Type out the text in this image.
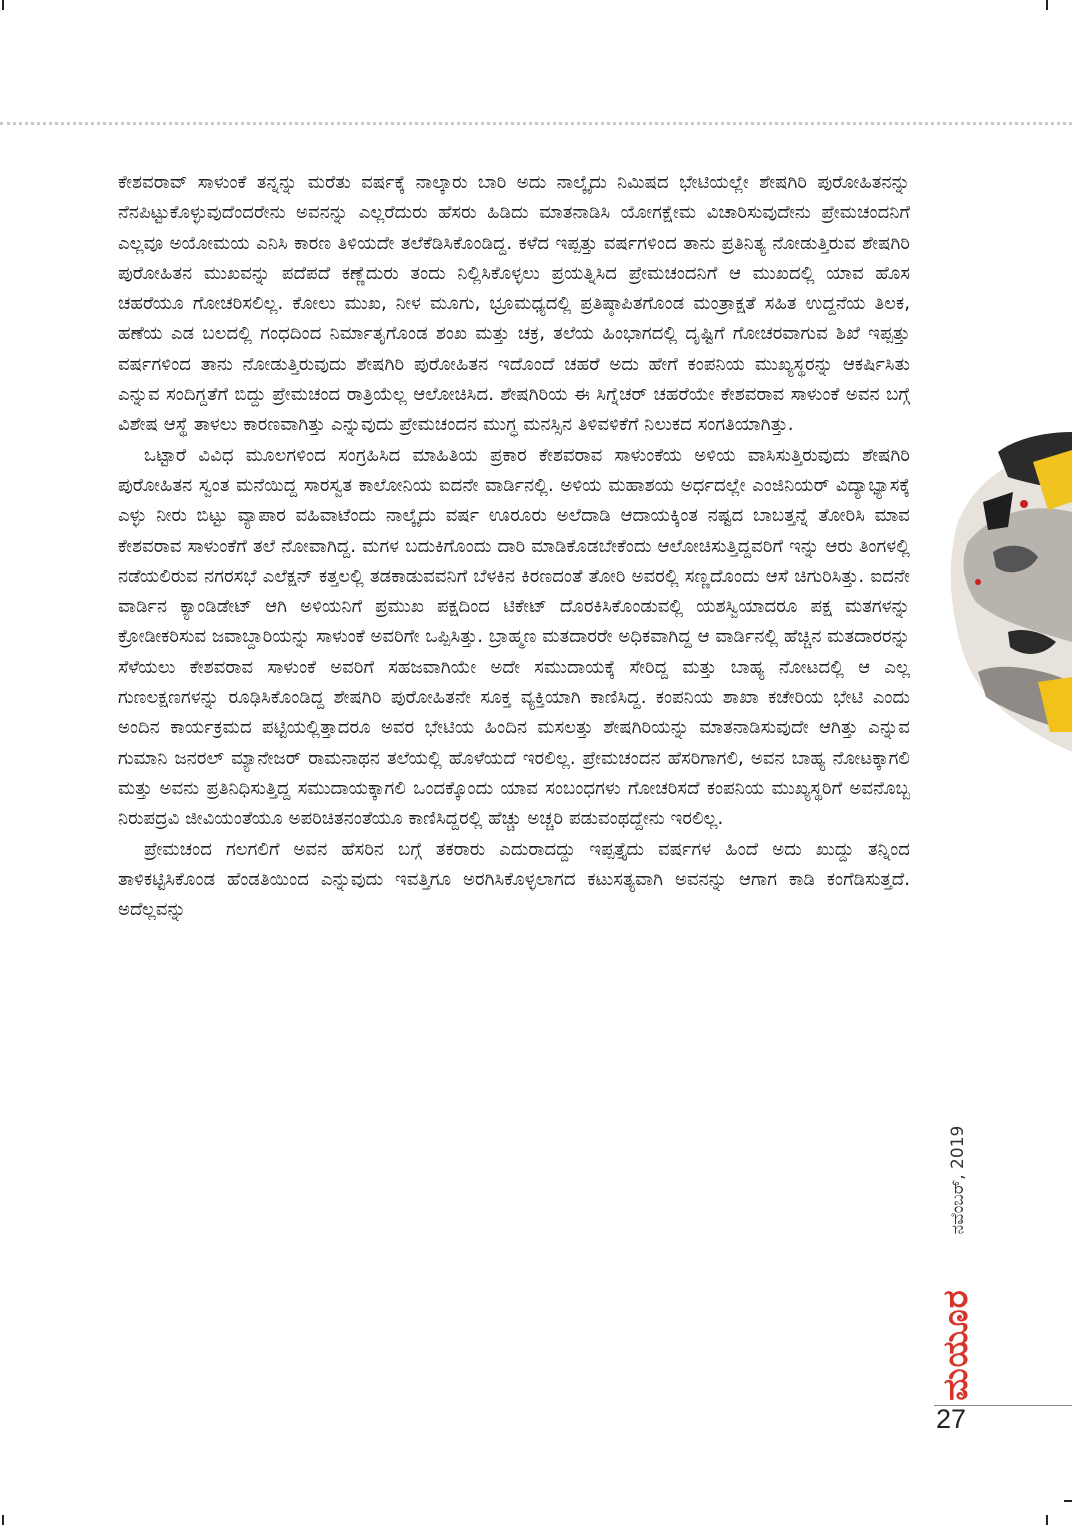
ಕೇಶವರಾವ್ ಸಾಳುಂಕೆ ತನ್ನನ್ನು ಮರೆತು ವರ್ಷಕ್ಕೆ ನಾಲ್ಕಾರು ಬಾರಿ ಅದು ನಾಲ್ಕೈದು ನಿಮಿಷದ ಭೇಟಿಯಲ್ಲೇ ಶೇಷಗಿರಿ ಪುರೋಹಿತನನ್ನು ನೆನಪಿಟ್ಟುಕೊಳ್ಳುವುದೆಂದರೇನು ಅವನನ್ನು ಎಲ್ಲರೆದುರು ಹೆಸರು ಹಿಡಿದು ಮಾತನಾಡಿಸಿ ಯೋಗಕ್ಷೇಮ ವಿಚಾರಿಸುವುದೇನು ಪ್ರೇಮಚಂದನಿಗೆ ಎಲ್ಲವೂ ಅಯೋಮಯ ಎನಿಸಿ ಕಾರಣ ತಿಳಿಯದೇ ತಲೆಕೆಡಿಸಿಕೊಂಡಿದ್ದ. ಕಳೆದ ಇಪ್ಪತ್ತು ವರ್ಷಗಳಿಂದ ತಾನು ಪ್ರತಿನಿತ್ಯ ನೋಡುತ್ತಿರುವ ಶೇಷಗಿರಿ ಪುರೋಹಿತನ ಮುಖವನ್ನು ಪದೆಪದೆ ಕಣ್ಣೆದುರು ತಂದು ನಿಲ್ಲಿಸಿಕೊಳ್ಳಲು ಪ್ರಯತ್ನಿಸಿದ ಪ್ರೇಮಚಂದನಿಗೆ ಆ ಮುಖದಲ್ಲಿ ಯಾವ ಹೊಸ ಚಹರೆಯೂ ಗೋಚರಿಸಲಿಲ್ಲ. ಕೋಲು ಮುಖ, ನೀಳ ಮೂಗು, ಭ್ರೂಮಧ್ಯದಲ್ಲಿ ಪ್ರತಿಷ್ಠಾಪಿತಗೊಂಡ ಮಂತ್ರಾಕ್ಷತೆ ಸಹಿತ ಉದ್ದನೆಯ ತಿಲಕ, ಹಣೆಯ ಎಡ ಬಲದಲ್ಲಿ ಗಂಧದಿಂದ ನಿರ್ಮಾತೃಗೊಂಡ ಶಂಖ ಮತ್ತು ಚಕ್ರ, ತಲೆಯ ಹಿಂಭಾಗದಲ್ಲಿ ದೃಷ್ಟಿಗೆ ಗೋಚರವಾಗುವ ಶಿಖೆ ಇಪ್ಪತ್ತು ವರ್ಷಗಳಿಂದ ತಾನು ನೋಡುತ್ತಿರುವುದು ಶೇಷಗಿರಿ ಪುರೋಹಿತನ ಇದೊಂದೆ ಚಹರೆ ಅದು ಹೇಗೆ ಕಂಪನಿಯ ಮುಖ್ಯಸ್ಥರನ್ನು ಆಕರ್ಷಿಸಿತು ಎನ್ನುವ ಸಂದಿಗ್ದತೆಗೆ ಬಿದ್ದು ಪ್ರೇಮಚಂದ ರಾತ್ರಿಯೆಲ್ಲ ಆಲೋಚಿಸಿದ. ಶೇಷಗಿರಿಯ ಈ ಸಿಗ್ನೆಚರ್ ಚಹರೆಯೇ ಕೇಶವರಾವ ಸಾಳುಂಕೆ ಅವನ ಬಗ್ಗೆ ವಿಶೇಷ ಆಸ್ಥೆ ತಾಳಲು ಕಾರಣವಾಗಿತ್ತು ಎನ್ನುವುದು ಪ್ರೇಮಚಂದನ ಮುಗ್ಧ ಮನಸ್ಸಿನ ತಿಳಿವಳಿಕೆಗೆ ನಿಲುಕದ ಸಂಗತಿಯಾಗಿತ್ತು.

ಒಟ್ಟಾರೆ ವಿವಿಧ ಮೂಲಗಳಿಂದ ಸಂಗ್ರಹಿಸಿದ ಮಾಹಿತಿಯ ಪ್ರಕಾರ ಕೇಶವರಾವ ಸಾಳುಂಕೆಯ ಅಳಿಯ ವಾಸಿಸುತ್ತಿರುವುದು ಶೇಷಗಿರಿ ಪುರೋಹಿತನ ಸ್ವಂತ ಮನೆಯಿದ್ದ ಸಾರಸ್ವತ ಕಾಲೋನಿಯ ಐದನೇ ವಾರ್ಡಿನಲ್ಲಿ. ಅಳಿಯ ಮಹಾಶಯ ಅರ್ಧದಲ್ಲೇ ಎಂಜಿನಿಯರ್ ವಿದ್ಯಾಭ್ಯಾಸಕ್ಕೆ ಎಳ್ಳು ನೀರು ಬಿಟ್ಟು ವ್ಯಾಪಾರ ವಹಿವಾಟೆಂದು ನಾಲ್ಕೈದು ವರ್ಷ ಊರೂರು ಅಲೆದಾಡಿ ಆದಾಯಕ್ಕಿಂತ ನಷ್ಟದ ಬಾಬತ್ತನ್ನೆ ತೋರಿಸಿ ಮಾವ ಕೇಶವರಾವ ಸಾಳುಂಕೆಗೆ ತಲೆ ನೋವಾಗಿದ್ದ. ಮಗಳ ಬದುಕಿಗೊಂದು ದಾರಿ ಮಾಡಿಕೊಡಬೇಕೆಂದು ಆಲೋಚಿಸುತ್ತಿದ್ದವರಿಗೆ ಇನ್ನು ಆರು ತಿಂಗಳಲ್ಲಿ ನಡೆಯಲಿರುವ ನಗರಸಭೆ ಎಲೆಕ್ಷನ್ ಕತ್ತಲಲ್ಲಿ ತಡಕಾಡುವವನಿಗೆ ಬೆಳಕಿನ ಕಿರಣದಂತೆ ತೋರಿ ಅವರಲ್ಲಿ ಸಣ್ಣದೊಂದು ಆಸೆ ಚಿಗುರಿಸಿತ್ತು. ಐದನೇ ವಾರ್ಡಿನ ಕ್ಯಾಂಡಿಡೇಟ್ ಆಗಿ ಅಳಿಯನಿಗೆ ಪ್ರಮುಖ ಪಕ್ಷದಿಂದ ಟಿಕೇಟ್ ದೊರಕಿಸಿಕೊಂಡುವಲ್ಲಿ ಯಶಸ್ವಿಯಾದರೂ ಪಕ್ಷ ಮತಗಳನ್ನು ಕ್ರೋಡೀಕರಿಸುವ ಜವಾಬ್ದಾರಿಯನ್ನು ಸಾಳುಂಕೆ ಅವರಿಗೇ ಒಪ್ಪಿಸಿತ್ತು. ಬ್ರಾಹ್ಮಣ ಮತದಾರರೇ ಅಧಿಕವಾಗಿದ್ದ ಆ ವಾರ್ಡಿನಲ್ಲಿ ಹೆಚ್ಚಿನ ಮತದಾರರನ್ನು ಸೆಳೆಯಲು ಕೇಶವರಾವ ಸಾಳುಂಕೆ ಅವರಿಗೆ ಸಹಜವಾಗಿಯೇ ಅದೇ ಸಮುದಾಯಕ್ಕೆ ಸೇರಿದ್ದ ಮತ್ತು ಬಾಹ್ಯ ನೋಟದಲ್ಲಿ ಆ ಎಲ್ಲ ಗುಣಲಕ್ಷಣಗಳನ್ನು ರೂಢಿಸಿಕೊಂಡಿದ್ದ ಶೇಷಗಿರಿ ಪುರೋಹಿತನೇ ಸೂಕ್ತ ವ್ಯಕ್ತಿಯಾಗಿ ಕಾಣಿಸಿದ್ದ. ಕಂಪನಿಯ ಶಾಖಾ ಕಚೇರಿಯ ಭೇಟಿ ಎಂದು ಅಂದಿನ ಕಾರ್ಯಕ್ರಮದ ಪಟ್ಟಿಯಲ್ಲಿತ್ತಾದರೂ ಅವರ ಭೇಟಿಯ ಹಿಂದಿನ ಮಸಲತ್ತು ಶೇಷಗಿರಿಯನ್ನು ಮಾತನಾಡಿಸುವುದೇ ಆಗಿತ್ತು ಎನ್ನುವ ಗುಮಾನಿ ಜನರಲ್ ಮ್ಯಾನೇಜರ್ ರಾಮನಾಥನ ತಲೆಯಲ್ಲಿ ಹೊಳೆಯದೆ ಇರಲಿಲ್ಲ. ಪ್ರೇಮಚಂದನ ಹೆಸರಿಗಾಗಲಿ, ಅವನ ಬಾಹ್ಯ ನೋಟಕ್ಕಾಗಲಿ ಮತ್ತು ಅವನು ಪ್ರತಿನಿಧಿಸುತ್ತಿದ್ದ ಸಮುದಾಯಕ್ಕಾಗಲಿ ಒಂದಕ್ಕೊಂದು ಯಾವ ಸಂಬಂಧಗಳು ಗೋಚರಿಸದೆ ಕಂಪನಿಯ ಮುಖ್ಯಸ್ಥರಿಗೆ ಅವನೊಬ್ಬ ನಿರುಪದ್ರವಿ ಜೀವಿಯಂತೆಯೂ ಅಪರಿಚಿತನಂತೆಯೂ ಕಾಣಿಸಿದ್ದರಲ್ಲಿ ಹೆಚ್ಚು ಅಚ್ಚರಿ ಪಡುವಂಥದ್ದೇನು ಇರಲಿಲ್ಲ.

ಪ್ರೇಮಚಂದ ಗಲಗಲಿಗೆ ಅವನ ಹೆಸರಿನ ಬಗ್ಗೆ ತಕರಾರು ಎದುರಾದದ್ದು ಇಪ್ಪತ್ತೈದು ವರ್ಷಗಳ ಹಿಂದೆ ಅದು ಖುದ್ದು ತನ್ನಿಂದ ತಾಳಿಕಟ್ಟಿಸಿಕೊಂಡ ಹೆಂಡತಿಯಿಂದ ಎನ್ನುವುದು ಇವತ್ತಿಗೂ ಅರಗಿಸಿಕೊಳ್ಳಲಾಗದ ಕಟುಸತ್ಯವಾಗಿ ಅವನನ್ನು ಆಗಾಗ ಕಾಡಿ ಕಂಗೆಡಿಸುತ್ತದೆ. ಅದೆಲ್ಲವನ್ನು

ನವೆಂಬರ್, 2019
ಮಯೂರ
27
